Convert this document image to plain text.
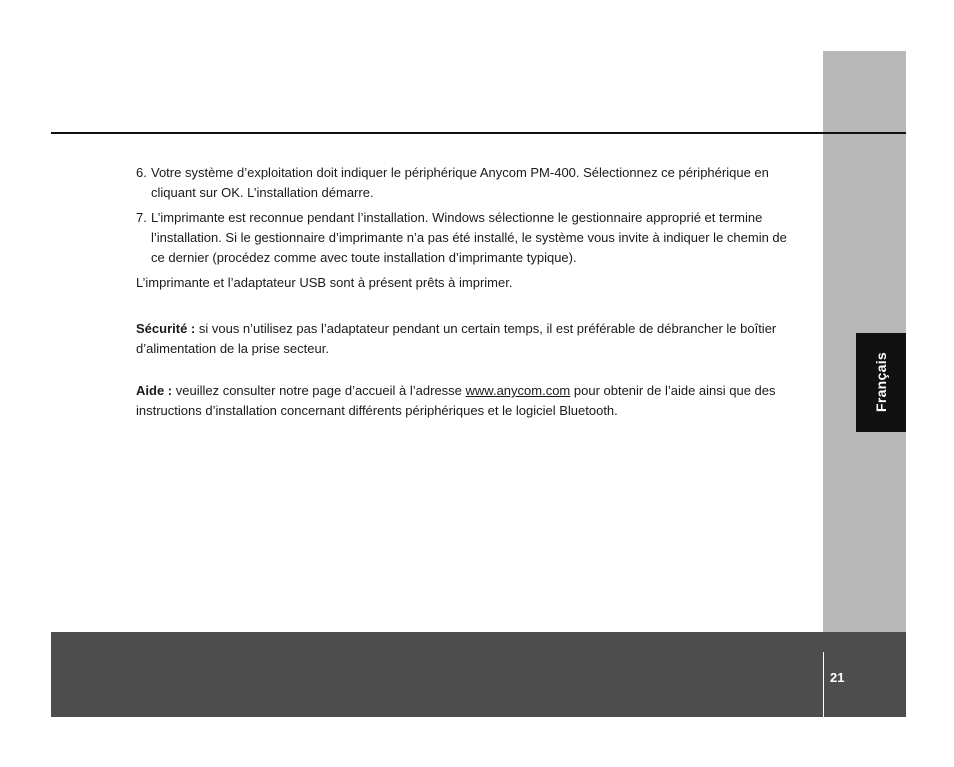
Français
6. Votre système d’exploitation doit indiquer le périphérique Anycom PM-400. Sélectionnez ce périphérique en cliquant sur OK. L’installation démarre.
7. L’imprimante est reconnue pendant l’installation. Windows sélectionne le gestionnaire approprié et termine l’installation. Si le gestionnaire d’imprimante n’a pas été installé, le système vous invite à indiquer le chemin de ce dernier (procédez comme avec toute installation d’imprimante typique).

L’imprimante et l’adaptateur USB sont à présent prêts à imprimer.

Sécurité : si vous n’utilisez pas l’adaptateur pendant un certain temps, il est préférable de débrancher le boîtier d’alimentation de la prise secteur.

Aide : veuillez consulter notre page d’accueil à l’adresse www.anycom.com pour obtenir de l’aide ainsi que des instructions d’installation concernant différents périphériques et le logiciel Bluetooth.

21
